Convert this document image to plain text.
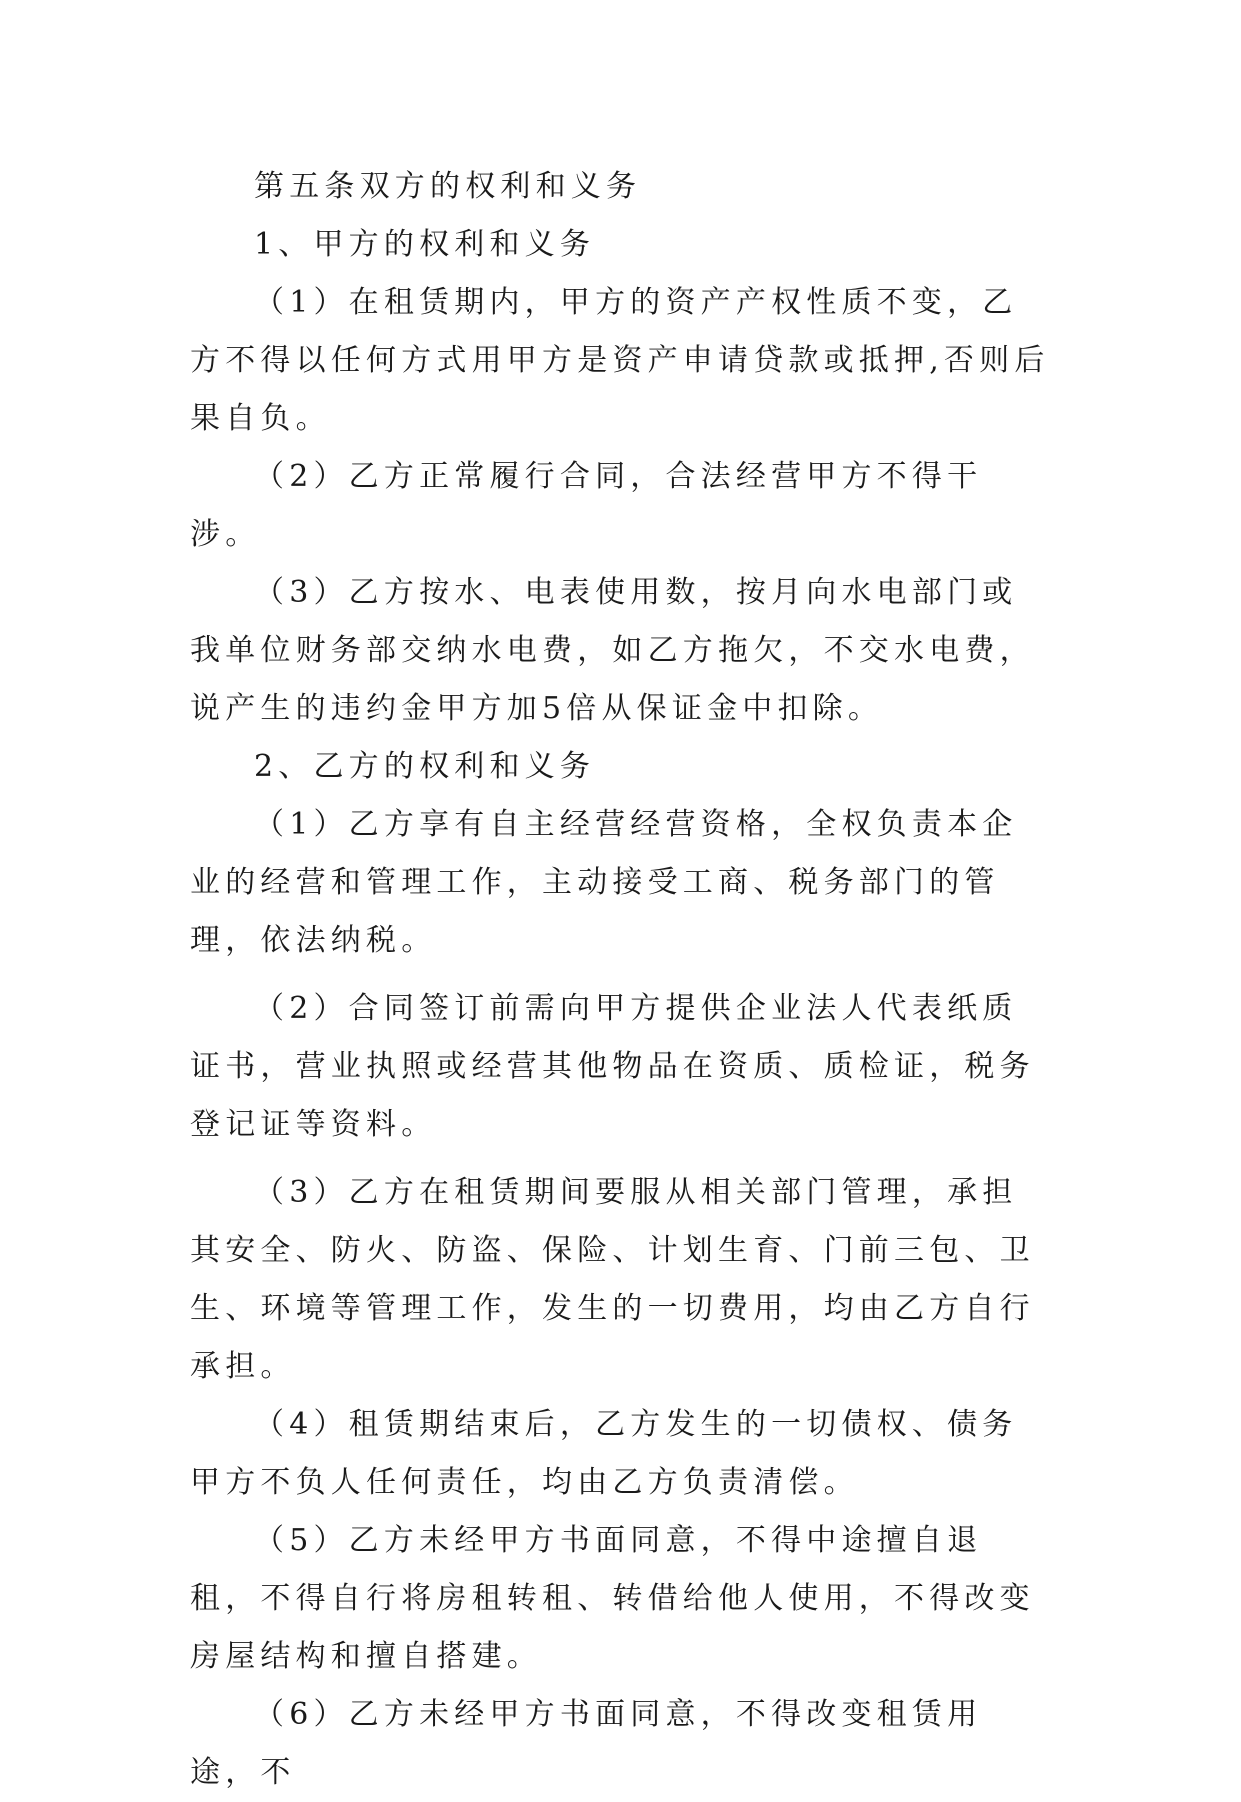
第五条双方的权利和义务

1、甲方的权利和义务

（1）在租赁期内，甲方的资产产权性质不变，乙方不得以任何方式用甲方是资产申请贷款或抵押,否则后果自负。

（2）乙方正常履行合同，合法经营甲方不得干涉。

（3）乙方按水、电表使用数，按月向水电部门或我单位财务部交纳水电费，如乙方拖欠，不交水电费，说产生的违约金甲方加5倍从保证金中扣除。

2、乙方的权利和义务

（1）乙方享有自主经营经营资格，全权负责本企业的经营和管理工作，主动接受工商、税务部门的管理，依法纳税。

（2）合同签订前需向甲方提供企业法人代表纸质证书，营业执照或经营其他物品在资质、质检证，税务登记证等资料。

（3）乙方在租赁期间要服从相关部门管理，承担其安全、防火、防盗、保险、计划生育、门前三包、卫生、环境等管理工作，发生的一切费用，均由乙方自行承担。

（4）租赁期结束后，乙方发生的一切债权、债务甲方不负人任何责任，均由乙方负责清偿。

（5）乙方未经甲方书面同意，不得中途擅自退租，不得自行将房租转租、转借给他人使用，不得改变房屋结构和擅自搭建。

（6）乙方未经甲方书面同意，不得改变租赁用途，不
